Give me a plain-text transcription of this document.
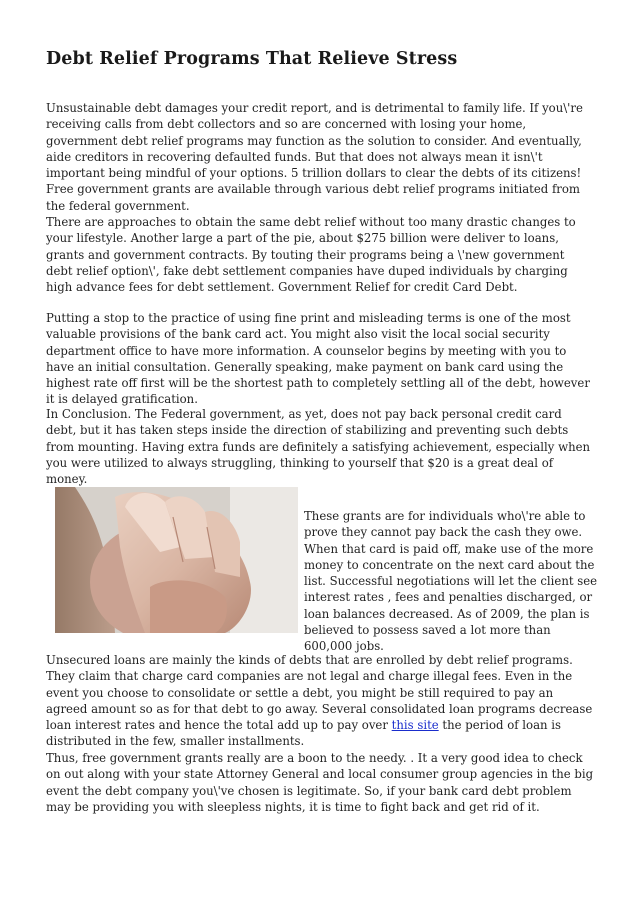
Debt Relief Programs That Relieve Stress

Unsustainable debt damages your credit report, and is detrimental to family life. If you\'re receiving calls from debt collectors and so are concerned with losing your home, government debt relief programs may function as the solution to consider. And eventually, aide creditors in recovering defaulted funds. But that does not always mean it isn\'t important being mindful of your options. 5 trillion dollars to clear the debts of its citizens! Free government grants are available through various debt relief programs initiated from the federal government.

There are approaches to obtain the same debt relief without too many drastic changes to your lifestyle. Another large a part of the pie, about $275 billion were deliver to loans, grants and government contracts. By touting their programs being a \'new government debt relief option\', fake debt settlement companies have duped individuals by charging high advance fees for debt settlement. Government Relief for credit Card Debt.

Putting a stop to the practice of using fine print and misleading terms is one of the most valuable provisions of the bank card act. You might also visit the local social security department office to have more information. A counselor begins by meeting with you to have an initial consultation. Generally speaking, make payment on bank card using the highest rate off first will be the shortest path to completely settling all of the debt, however it is delayed gratification.

In Conclusion. The Federal government, as yet, does not pay back personal credit card debt, but it has taken steps inside the direction of stabilizing and preventing such debts from mounting. Having extra funds are definitely a satisfying achievement, especially when you were utilized to always struggling, thinking to yourself that $20 is a great deal of money.

Unsecured loans are mainly the kinds of debts that are enrolled by debt relief programs. They claim that charge card companies are not legal and charge illegal fees. Even in the event you choose to consolidate or settle a debt, you might be still required to pay an agreed amount so as for that debt to go away. Several consolidated loan programs decrease loan interest rates and hence the total add up to pay over this site the period of loan is distributed in the few, smaller installments.

Thus, free government grants really are a boon to the needy. . It a very good idea to check on out along with your state Attorney General and local consumer group agencies in the big event the debt company you\'ve chosen is legitimate. So, if your bank card debt problem may be providing you with sleepless nights, it is time to fight back and get rid of it.

These grants are for individuals who\'re able to prove they cannot pay back the cash they owe. When that card is paid off, make use of the more money to concentrate on the next card about the list. Successful negotiations will let the client see interest rates , fees and penalties discharged, or loan balances decreased. As of 2009, the plan is believed to possess saved a lot more than 600,000 jobs.
